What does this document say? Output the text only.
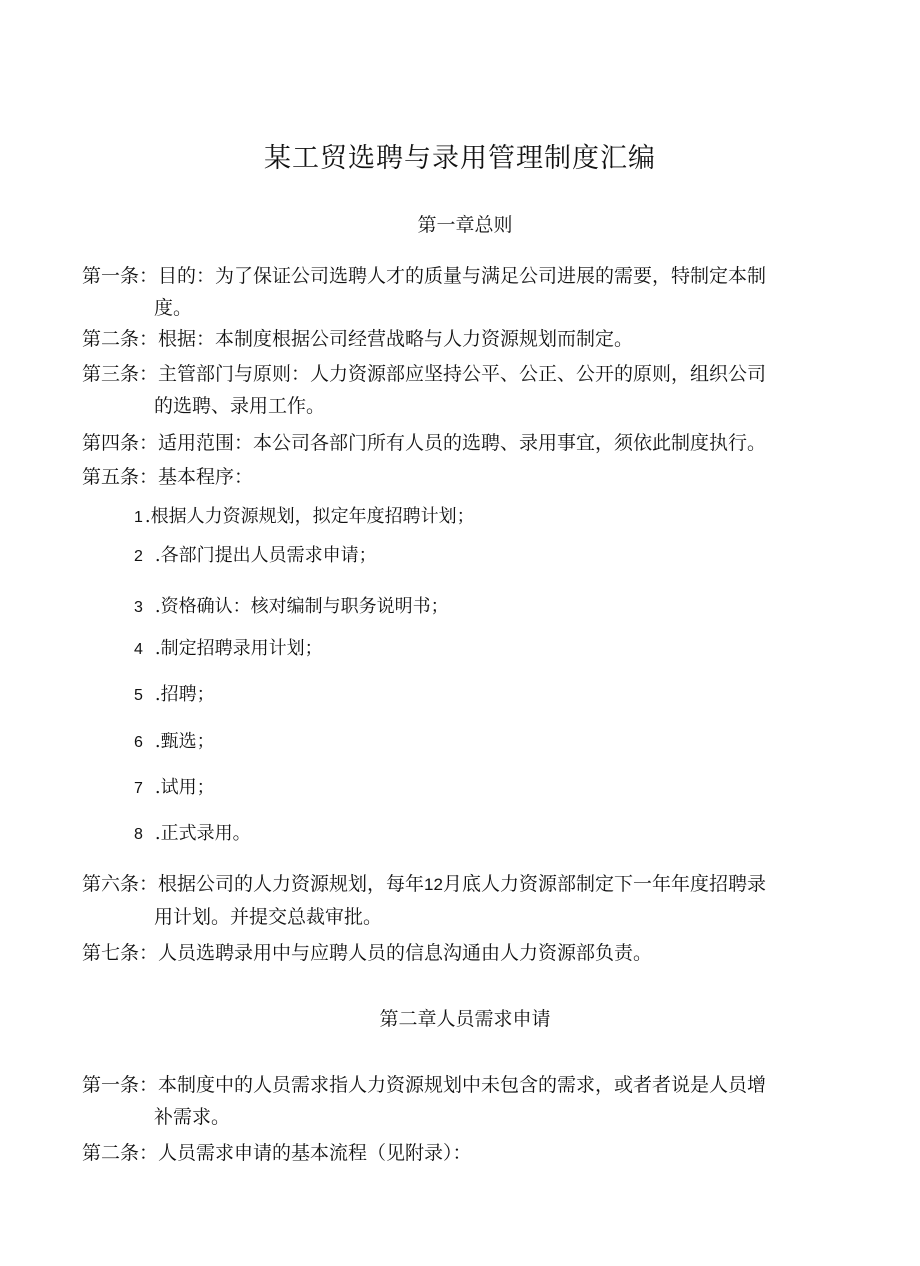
某工贸选聘与录用管理制度汇编
第一章总则
第一条：目的：为了保证公司选聘人才的质量与满足公司进展的需要，特制定本制
度。
第二条：根据：本制度根据公司经营战略与人力资源规划而制定。
第三条：主管部门与原则：人力资源部应坚持公平、公正、公开的原则，组织公司
的选聘、录用工作。
第四条：适用范围：本公司各部门所有人员的选聘、录用事宜，须依此制度执行。
第五条：基本程序：
1 .根据人力资源规划，拟定年度招聘计划；
2 .各部门提出人员需求申请；
3 .资格确认：核对编制与职务说明书；
4 .制定招聘录用计划；
5 .招聘；
6 .甄选；
7 .试用；
8 .正式录用。
第六条：根据公司的人力资源规划，每年12月底人力资源部制定下一年年度招聘录
用计划。并提交总裁审批。
第七条：人员选聘录用中与应聘人员的信息沟通由人力资源部负责。
第二章人员需求申请
第一条：本制度中的人员需求指人力资源规划中未包含的需求，或者者说是人员增
补需求。
第二条：人员需求申请的基本流程（见附录）：
